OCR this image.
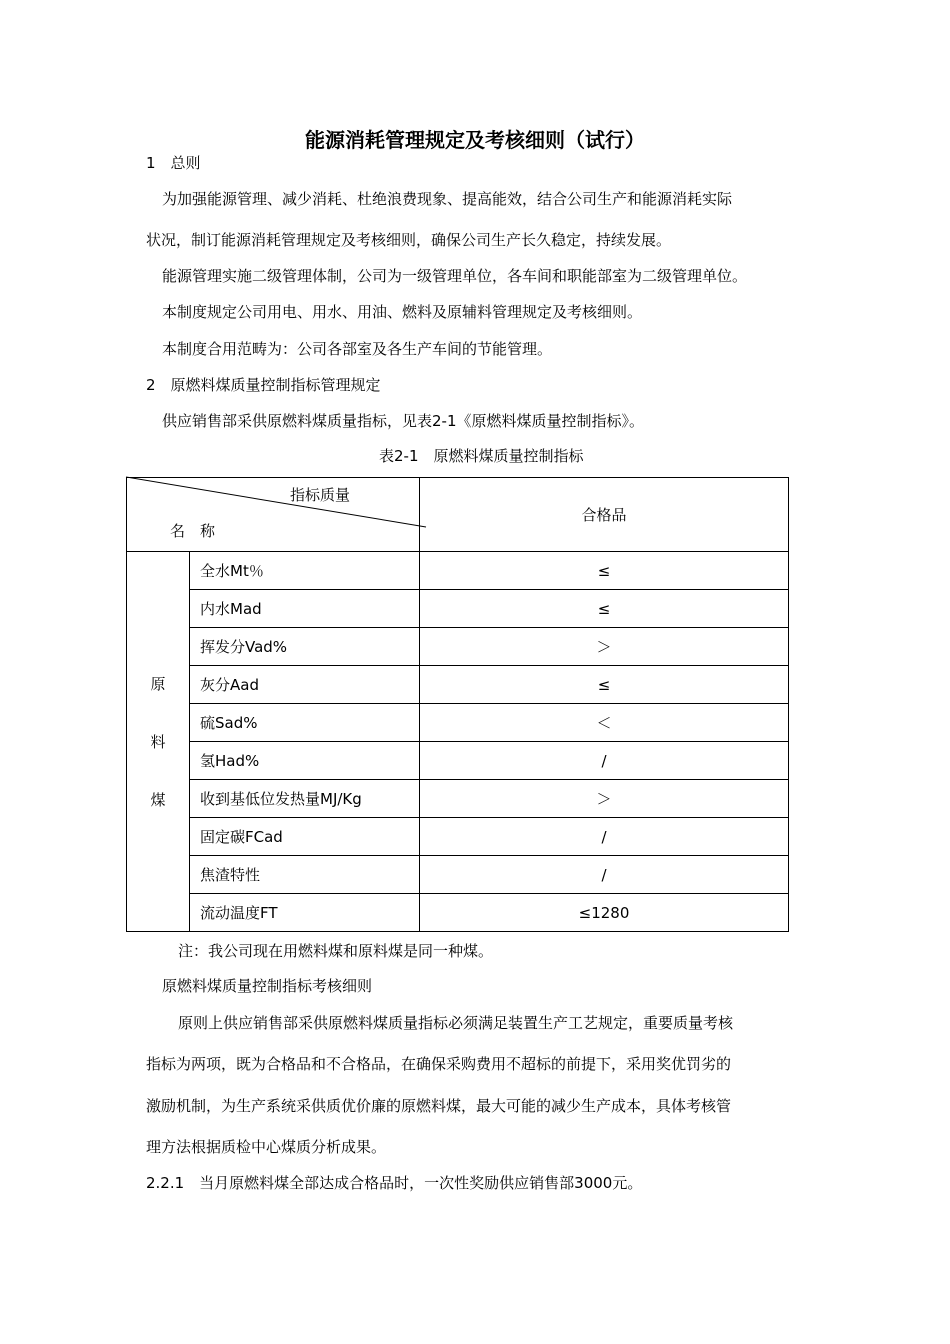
能源消耗管理规定及考核细则（试行）
1　总则
为加强能源管理、减少消耗、杜绝浪费现象、提高能效，结合公司生产和能源消耗实际
状况，制订能源消耗管理规定及考核细则，确保公司生产长久稳定，持续发展。
能源管理实施二级管理体制，公司为一级管理单位，各车间和职能部室为二级管理单位。
本制度规定公司用电、用水、用油、燃料及原辅料管理规定及考核细则。
本制度合用范畴为：公司各部室及各生产车间的节能管理。
2　原燃料煤质量控制指标管理规定
供应销售部采供原燃料煤质量指标，见表2-1《原燃料煤质量控制指标》。
表2-1　原燃料煤质量控制指标
指标质量
名　称		合格品

原
料
煤	全水Mt％	≤
	内水Mad	≤
	挥发分Vad%	＞
	灰分Aad	≤
	硫Sad%	＜
	氢Had%	/
	收到基低位发热量MJ/Kg	＞
	固定碳FCad	/
	焦渣特性	/
	流动温度FT	≤1280
注：我公司现在用燃料煤和原料煤是同一种煤。
原燃料煤质量控制指标考核细则
原则上供应销售部采供原燃料煤质量指标必须满足装置生产工艺规定，重要质量考核
指标为两项，既为合格品和不合格品，在确保采购费用不超标的前提下，采用奖优罚劣的
激励机制，为生产系统采供质优价廉的原燃料煤，最大可能的减少生产成本，具体考核管
理方法根据质检中心煤质分析成果。
2.2.1　当月原燃料煤全部达成合格品时，一次性奖励供应销售部3000元。
